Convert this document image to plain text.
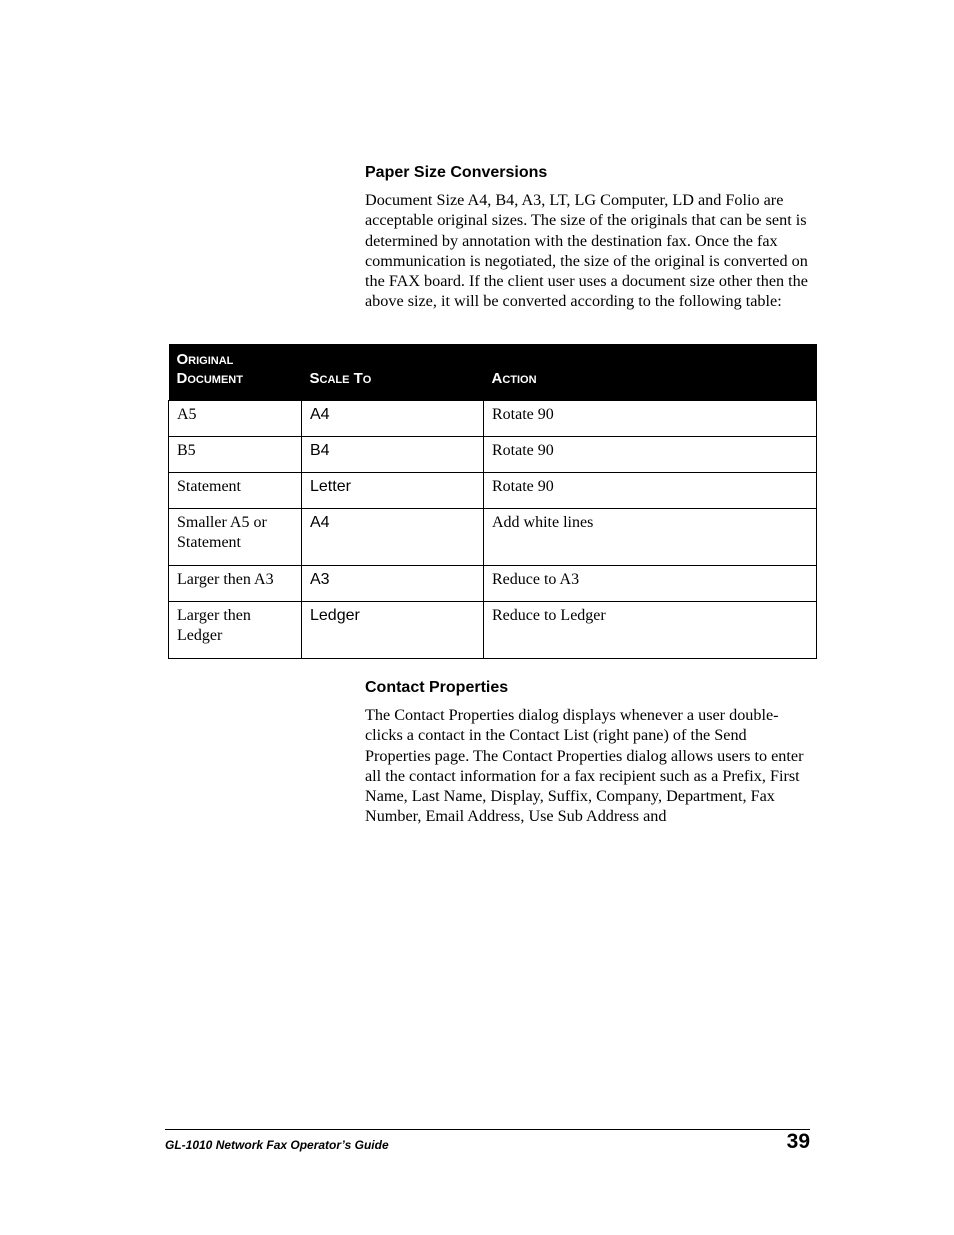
Paper Size Conversions

Document Size A4, B4, A3, LT, LG Computer, LD and Folio are acceptable original sizes. The size of the originals that can be sent is determined by annotation with the destination fax. Once the fax communication is negotiated, the size of the original is converted on the FAX board. If the client user uses a document size other then the above size, it will be converted according to the following table:

Original Document	Scale To	Action
A5	A4	Rotate 90
B5	B4	Rotate 90
Statement	Letter	Rotate 90
Smaller A5 or Statement	A4	Add white lines
Larger then A3	A3	Reduce to A3
Larger then Ledger	Ledger	Reduce to Ledger
Contact Properties

The Contact Properties dialog displays whenever a user double-clicks a contact in the Contact List (right pane) of the Send Properties page. The Contact Properties dialog allows users to enter all the contact information for a fax recipient such as a Prefix, First Name, Last Name, Display, Suffix, Company, Department, Fax Number, Email Address, Use Sub Address and

GL-1010 Network Fax Operator’s Guide	39
